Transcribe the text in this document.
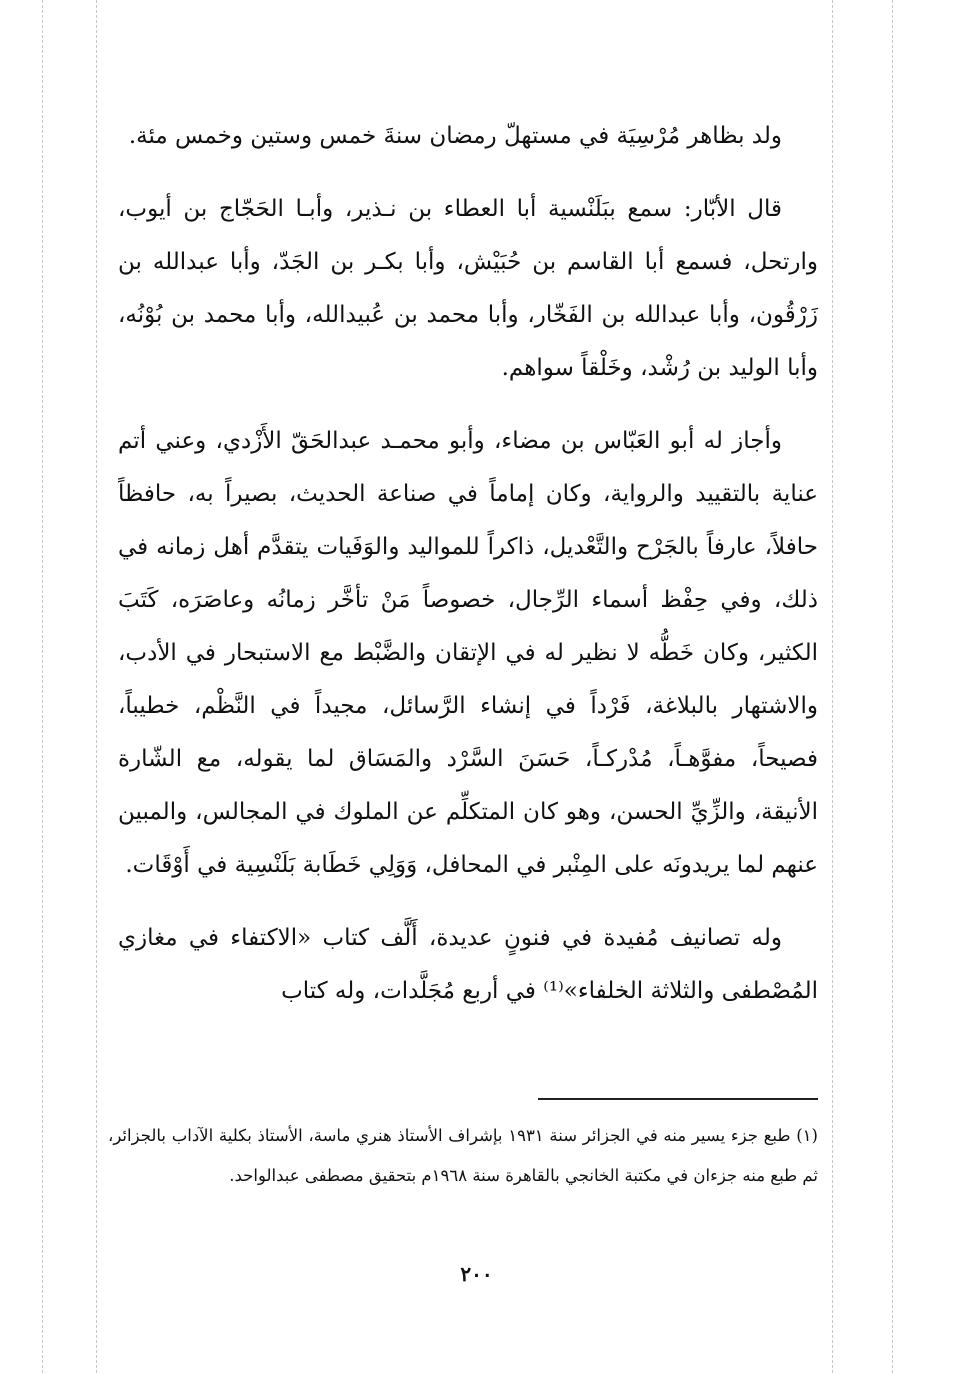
ولد بظاهر مُرْسِيَة في مستهلّ رمضان سنةَ خمس وستين وخمس مئة.

قال الأبّار: سمع ببَلَنْسية أبا العطاء بن نـذير، وأبـا الحَجّاج بن أيوب، وارتحل، فسمع أبا القاسم بن حُبَيْش، وأبا بكـر بن الجَدّ، وأبا عبدالله بن زَرْقُون، وأبا عبدالله بن الفَخّار، وأبا محمد بن عُبيدالله، وأبا محمد بن بُوْنُه، وأبا الوليد بن رُشْد، وخَلْقاً سواهم.

وأجاز له أبو العَبّاس بن مضاء، وأبو محمـد عبدالحَقّ الأَزْدي، وعني أتم عناية بالتقييد والرواية، وكان إماماً في صناعة الحديث، بصيراً به، حافظاً حافلاً، عارفاً بالجَرْح والتَّعْديل، ذاكراً للمواليد والوَفَيات يتقدَّم أهل زمانه في ذلك، وفي حِفْظ أسماء الرِّجال، خصوصاً مَنْ تأخَّر زمانُه وعاصَرَه، كَتَبَ الكثير، وكان خَطُّه لا نظير له في الإتقان والضَّبْط مع الاستبحار في الأدب، والاشتهار بالبلاغة، فَرْداً في إنشاء الرَّسائل، مجيداً في النَّظْم، خطيباً، فصيحاً، مفوَّهـاً، مُدْركـاً، حَسَنَ السَّرْد والمَسَاق لما يقوله، مع الشّارة الأنيقة، والزِّيِّ الحسن، وهو كان المتكلِّم عن الملوك في المجالس، والمبين عنهم لما يريدونَه على المِنْبر في المحافل، وَوَلِي خَطَابة بَلَنْسِية في أَوْقَات.

وله تصانيف مُفيدة في فنونٍ عديدة، أَلَّف كتاب «الاكتفاء في مغازي المُصْطفى والثلاثة الخلفاء»⁽¹⁾ في أربع مُجَلَّدات، وله كتاب

(١) طبع جزء يسير منه في الجزائر سنة ١٩٣١ بإشراف الأستاذ هنري ماسة، الأستاذ بكلية الآداب بالجزائر، ثم طبع منه جزءان في مكتبة الخانجي بالقاهرة سنة ١٩٦٨م بتحقيق مصطفى عبدالواحد.

٢٠٠
